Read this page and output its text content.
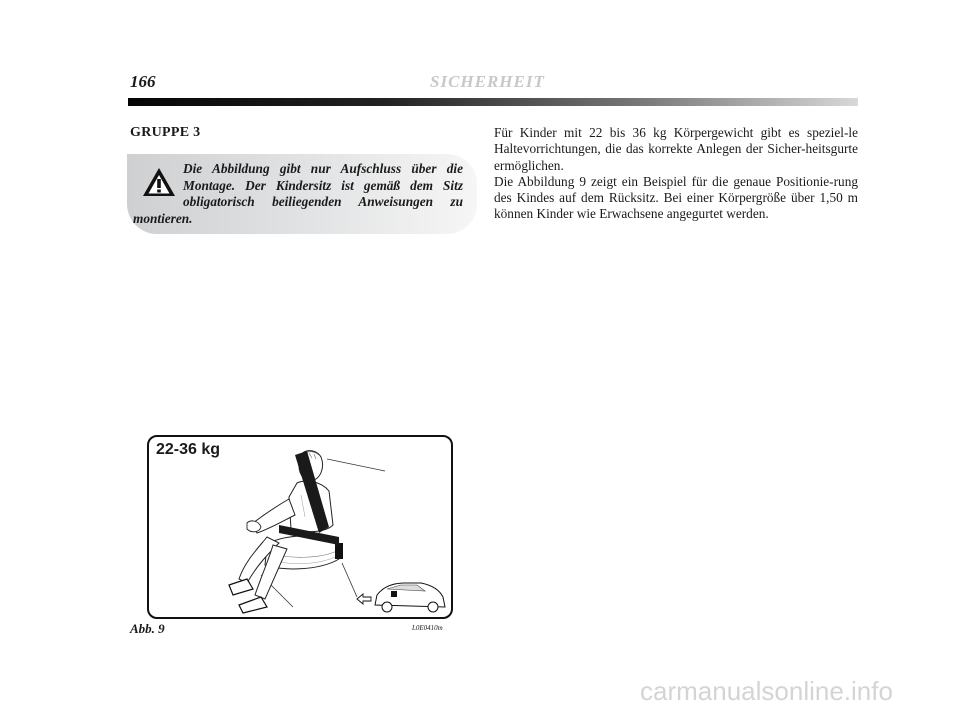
166	SICHERHEIT
GRUPPE 3

Die Abbildung gibt nur Aufschluss über die Montage. Der Kindersitz ist gemäß dem Sitz obligatorisch beiliegenden Anweisungen zu montieren.

Für Kinder mit 22 bis 36 kg Körpergewicht gibt es speziel-le Haltevorrichtungen, die das korrekte Anlegen der Sicher-heitsgurte ermöglichen.

Die Abbildung 9 zeigt ein Beispiel für die genaue Positionie-rung des Kindes auf dem Rücksitz. Bei einer Körpergröße über 1,50 m können Kinder wie Erwachsene angegurtet werden.

22-36 kg
Abb. 9	L0E0410m
carmanualsonline.info
